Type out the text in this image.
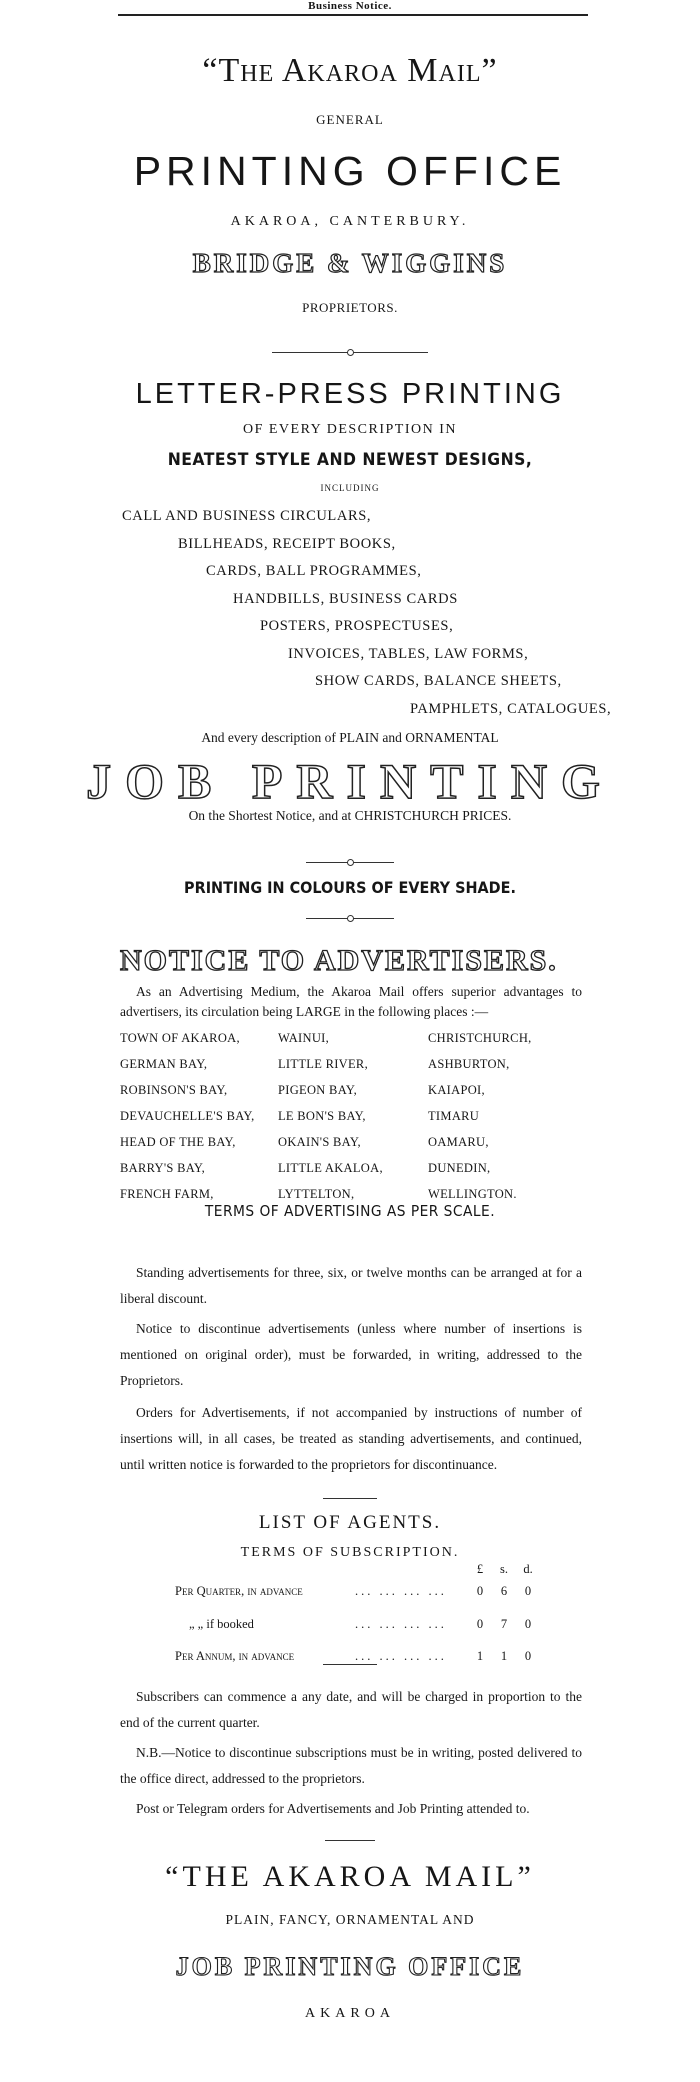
Business Notice.
“The Akaroa Mail”
GENERAL
PRINTING OFFICE
AKAROA, CANTERBURY.
BRIDGE & WIGGINS
PROPRIETORS.
LETTER-PRESS PRINTING
OF EVERY DESCRIPTION IN
NEATEST STYLE AND NEWEST DESIGNS,
INCLUDING
CALL AND BUSINESS CIRCULARS,
BILLHEADS, RECEIPT BOOKS,
CARDS, BALL PROGRAMMES,
HANDBILLS, BUSINESS CARDS
POSTERS, PROSPECTUSES,
INVOICES, TABLES, LAW FORMS,
SHOW CARDS, BALANCE SHEETS,
PAMPHLETS, CATALOGUES,
And every description of PLAIN and ORNAMENTAL
JOB PRINTING
On the Shortest Notice, and at CHRISTCHURCH PRICES.
PRINTING IN COLOURS OF EVERY SHADE.
NOTICE TO ADVERTISERS.
As an Advertising Medium, the Akaroa Mail offers superior advantages to advertisers, its circulation being LARGE in the following places :—
TOWN OF AKAROA,	WAINUI,	CHRISTCHURCH,
GERMAN BAY,	LITTLE RIVER,	ASHBURTON,
ROBINSON'S BAY,	PIGEON BAY,	KAIAPOI,
DEVAUCHELLE'S BAY,	LE BON'S BAY,	TIMARU
HEAD OF THE BAY,	OKAIN'S BAY,	OAMARU,
BARRY'S BAY,	LITTLE AKALOA,	DUNEDIN,
FRENCH FARM,	LYTTELTON,	WELLINGTON.
TERMS OF ADVERTISING AS PER SCALE.
Standing advertisements for three, six, or twelve months can be arranged at for a liberal discount.
Notice to discontinue advertisements (unless where number of insertions is mentioned on original order), must be forwarded, in writing, addressed to the Proprietors.
Orders for Advertisements, if not accompanied by instructions of number of insertions will, in all cases, be treated as standing advertisements, and continued, until written notice is forwarded to the proprietors for discontinuance.
LIST OF AGENTS.
TERMS OF SUBSCRIPTION.
£	s.	d.
Per Quarter, in advance	... ... ... ...	0	6	0
„ „ if booked	... ... ... ...	0	7	0
Per Annum, in advance	... ... ... ...	1	1	0
Subscribers can commence a any date, and will be charged in proportion to the end of the current quarter.
N.B.—Notice to discontinue subscriptions must be in writing, posted delivered to the office direct, addressed to the proprietors.
Post or Telegram orders for Advertisements and Job Printing attended to.
“THE AKAROA MAIL”
PLAIN, FANCY, ORNAMENTAL AND
JOB PRINTING OFFICE
AKAROA
